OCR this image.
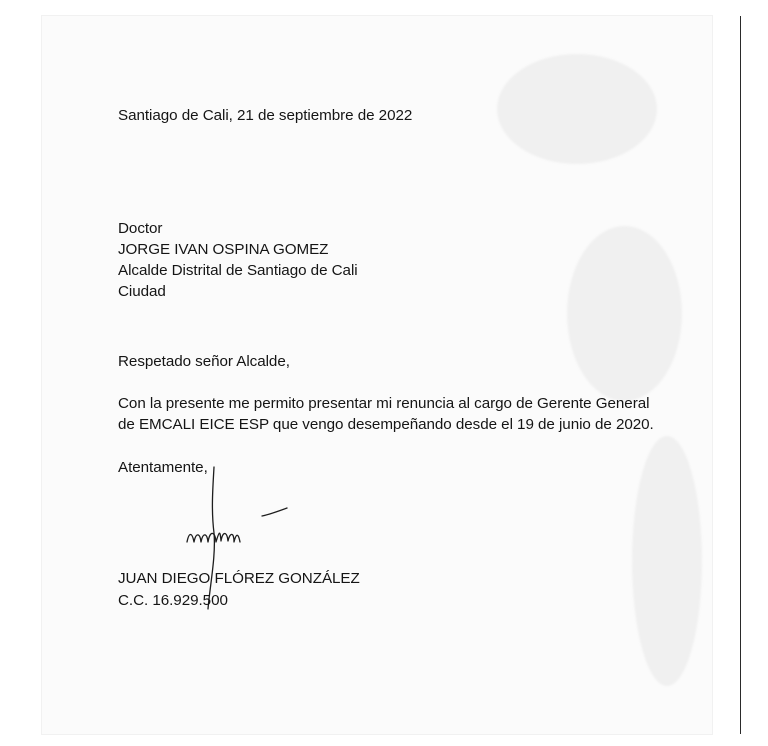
Santiago de Cali, 21 de septiembre de 2022
Doctor
JORGE IVAN OSPINA GOMEZ
Alcalde Distrital de Santiago de Cali
Ciudad
Respetado señor Alcalde,
Con la presente me permito presentar mi renuncia al cargo de Gerente General
de EMCALI EICE ESP que vengo desempeñando desde el 19 de junio de 2020.
Atentamente,
JUAN DIEGO FLÓREZ GONZÁLEZ
C.C. 16.929.500
